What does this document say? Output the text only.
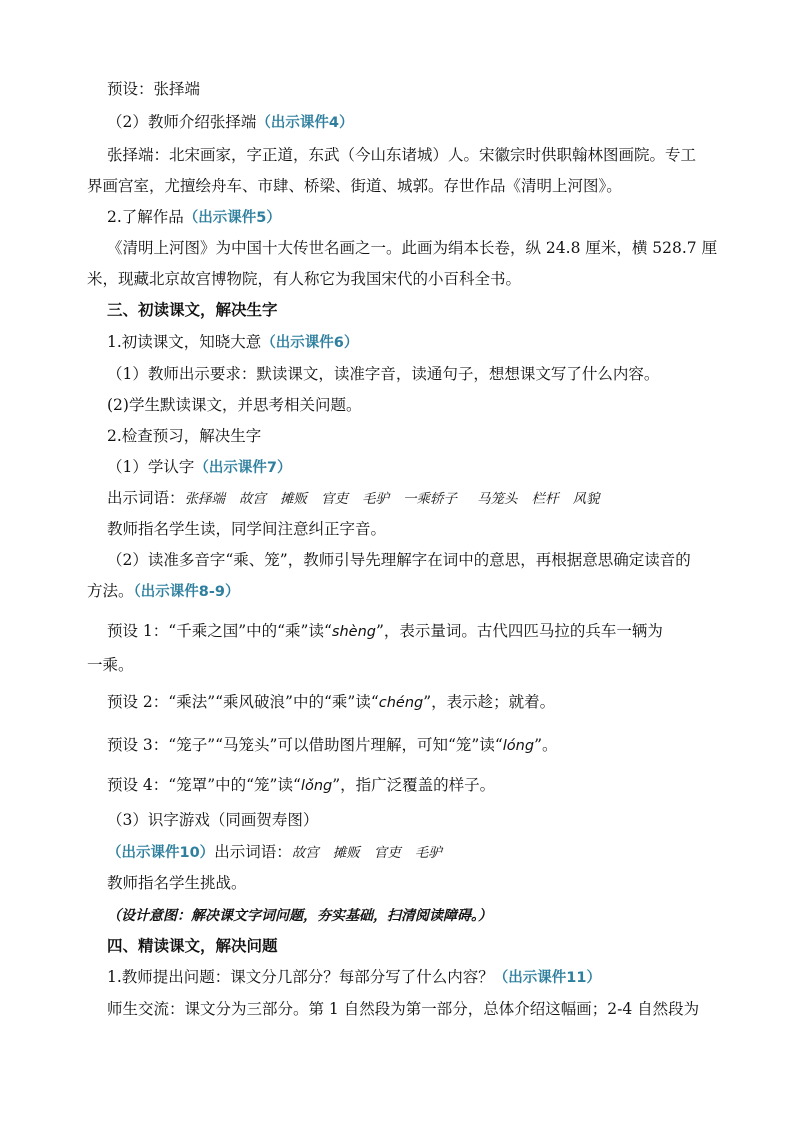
预设：张择端
（2）教师介绍张择端（出示课件4）
张择端：北宋画家，字正道，东武（今山东诸城）人。宋徽宗时供职翰林图画院。专工
界画宫室，尤擅绘舟车、市肆、桥梁、街道、城郭。存世作品《清明上河图》。
2.了解作品（出示课件5）
《清明上河图》为中国十大传世名画之一。此画为绢本长卷，纵 24.8 厘米，横 528.7 厘
米，现藏北京故宫博物院，有人称它为我国宋代的小百科全书。
三、初读课文，解决生字
1.初读课文，知晓大意（出示课件6）
（1）教师出示要求：默读课文，读准字音，读通句子，想想课文写了什么内容。
(2)学生默读课文，并思考相关问题。
2.检查预习，解决生字
（1）学认字（出示课件7）
出示词语：张择端 故宫 摊贩 官吏 毛驴 一乘轿子 马笼头 栏杆 风貌
教师指名学生读，同学间注意纠正字音。
（2）读准多音字“乘、笼”，教师引导先理解字在词中的意思，再根据意思确定读音的
方法。（出示课件8-9）
预设 1：“千乘之国”中的“乘”读“shèng”，表示量词。古代四匹马拉的兵车一辆为
一乘。
预设 2：“乘法”“乘风破浪”中的“乘”读“chéng”，表示趁；就着。
预设 3：“笼子”“马笼头”可以借助图片理解，可知“笼”读“lóng”。
预设 4：“笼罩”中的“笼”读“lǒng”，指广泛覆盖的样子。
（3）识字游戏（同画贺寿图）
（出示课件10）出示词语：故宫 摊贩 官吏 毛驴
教师指名学生挑战。
（设计意图：解决课文字词问题，夯实基础，扫清阅读障碍。）
四、精读课文，解决问题
1.教师提出问题：课文分几部分？每部分写了什么内容？（出示课件11）
师生交流：课文分为三部分。第 1 自然段为第一部分，总体介绍这幅画；2-4 自然段为
